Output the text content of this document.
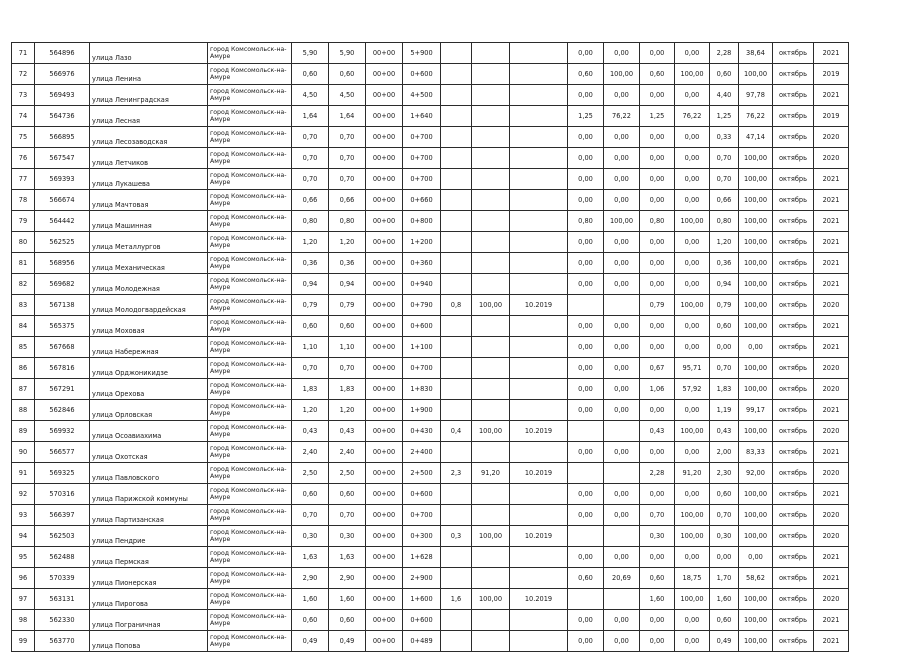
71	564896	улица Лазо	город Комсомольск-на-Амуре	5,90	5,90	00+00	5+900				0,00	0,00	0,00	0,00	2,28	38,64	октябрь	2021
72	566976	улица Ленина	город Комсомольск-на-Амуре	0,60	0,60	00+00	0+600				0,60	100,00	0,60	100,00	0,60	100,00	октябрь	2019
73	569493	улица Ленинградская	город Комсомольск-на-Амуре	4,50	4,50	00+00	4+500				0,00	0,00	0,00	0,00	4,40	97,78	октябрь	2021
74	564736	улица Лесная	город Комсомольск-на-Амуре	1,64	1,64	00+00	1+640				1,25	76,22	1,25	76,22	1,25	76,22	октябрь	2019
75	566895	улица Лесозаводская	город Комсомольск-на-Амуре	0,70	0,70	00+00	0+700				0,00	0,00	0,00	0,00	0,33	47,14	октябрь	2020
76	567547	улица Летчиков	город Комсомольск-на-Амуре	0,70	0,70	00+00	0+700				0,00	0,00	0,00	0,00	0,70	100,00	октябрь	2020
77	569393	улица Лукашева	город Комсомольск-на-Амуре	0,70	0,70	00+00	0+700				0,00	0,00	0,00	0,00	0,70	100,00	октябрь	2021
78	566674	улица Мачтовая	город Комсомольск-на-Амуре	0,66	0,66	00+00	0+660				0,00	0,00	0,00	0,00	0,66	100,00	октябрь	2021
79	564442	улица Машинная	город Комсомольск-на-Амуре	0,80	0,80	00+00	0+800				0,80	100,00	0,80	100,00	0,80	100,00	октябрь	2021
80	562525	улица Металлургов	город Комсомольск-на-Амуре	1,20	1,20	00+00	1+200				0,00	0,00	0,00	0,00	1,20	100,00	октябрь	2021
81	568956	улица Механическая	город Комсомольск-на-Амуре	0,36	0,36	00+00	0+360				0,00	0,00	0,00	0,00	0,36	100,00	октябрь	2021
82	569682	улица Молодежная	город Комсомольск-на-Амуре	0,94	0,94	00+00	0+940				0,00	0,00	0,00	0,00	0,94	100,00	октябрь	2021
83	567138	улица Молодогвардейская	город Комсомольск-на-Амуре	0,79	0,79	00+00	0+790	0,8	100,00	10.2019			0,79	100,00	0,79	100,00	октябрь	2020
84	565375	улица Моховая	город Комсомольск-на-Амуре	0,60	0,60	00+00	0+600				0,00	0,00	0,00	0,00	0,60	100,00	октябрь	2021
85	567668	улица Набережная	город Комсомольск-на-Амуре	1,10	1,10	00+00	1+100				0,00	0,00	0,00	0,00	0,00	0,00	октябрь	2021
86	567816	улица Орджоникидзе	город Комсомольск-на-Амуре	0,70	0,70	00+00	0+700				0,00	0,00	0,67	95,71	0,70	100,00	октябрь	2020
87	567291	улица Орехова	город Комсомольск-на-Амуре	1,83	1,83	00+00	1+830				0,00	0,00	1,06	57,92	1,83	100,00	октябрь	2020
88	562846	улица Орловская	город Комсомольск-на-Амуре	1,20	1,20	00+00	1+900				0,00	0,00	0,00	0,00	1,19	99,17	октябрь	2021
89	569932	улица Осоавиахима	город Комсомольск-на-Амуре	0,43	0,43	00+00	0+430	0,4	100,00	10.2019			0,43	100,00	0,43	100,00	октябрь	2020
90	566577	улица Охотская	город Комсомольск-на-Амуре	2,40	2,40	00+00	2+400				0,00	0,00	0,00	0,00	2,00	83,33	октябрь	2021
91	569325	улица Павловского	город Комсомольск-на-Амуре	2,50	2,50	00+00	2+500	2,3	91,20	10.2019			2,28	91,20	2,30	92,00	октябрь	2020
92	570316	улица Парижской коммуны	город Комсомольск-на-Амуре	0,60	0,60	00+00	0+600				0,00	0,00	0,00	0,00	0,60	100,00	октябрь	2021
93	566397	улица Партизанская	город Комсомольск-на-Амуре	0,70	0,70	00+00	0+700				0,00	0,00	0,70	100,00	0,70	100,00	октябрь	2020
94	562503	улица Пендрие	город Комсомольск-на-Амуре	0,30	0,30	00+00	0+300	0,3	100,00	10.2019			0,30	100,00	0,30	100,00	октябрь	2020
95	562488	улица Пермская	город Комсомольск-на-Амуре	1,63	1,63	00+00	1+628				0,00	0,00	0,00	0,00	0,00	0,00	октябрь	2021
96	570339	улица Пионерская	город Комсомольск-на-Амуре	2,90	2,90	00+00	2+900				0,60	20,69	0,60	18,75	1,70	58,62	октябрь	2021
97	563131	улица Пирогова	город Комсомольск-на-Амуре	1,60	1,60	00+00	1+600	1,6	100,00	10.2019			1,60	100,00	1,60	100,00	октябрь	2020
98	562330	улица Пограничная	город Комсомольск-на-Амуре	0,60	0,60	00+00	0+600				0,00	0,00	0,00	0,00	0,60	100,00	октябрь	2021
99	563770	улица Попова	город Комсомольск-на-Амуре	0,49	0,49	00+00	0+489				0,00	0,00	0,00	0,00	0,49	100,00	октябрь	2021
